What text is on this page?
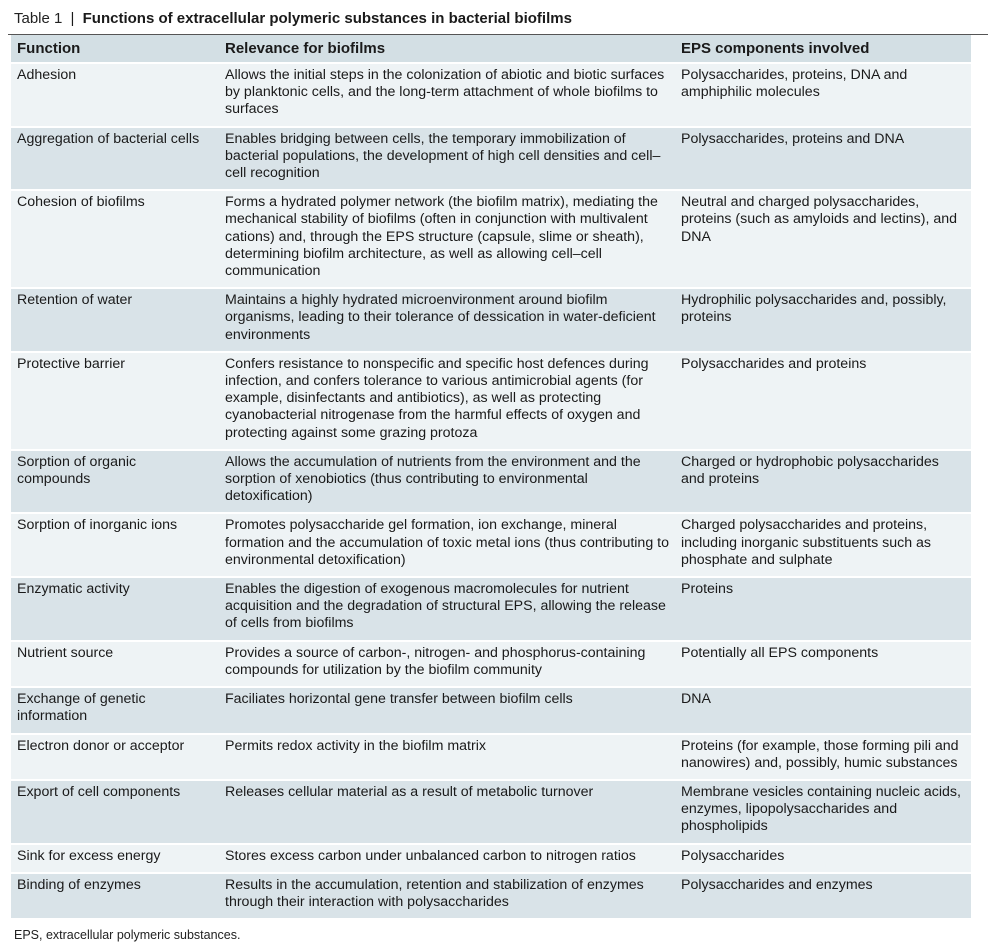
Table 1 | Functions of extracellular polymeric substances in bacterial biofilms
Function	Relevance for biofilms	EPS components involved
Adhesion	Allows the initial steps in the colonization of abiotic and biotic surfaces by planktonic cells, and the long-term attachment of whole biofilms to surfaces	Polysaccharides, proteins, DNA and amphiphilic molecules
Aggregation of bacterial cells	Enables bridging between cells, the temporary immobilization of bacterial populations, the development of high cell densities and cell–cell recognition	Polysaccharides, proteins and DNA
Cohesion of biofilms	Forms a hydrated polymer network (the biofilm matrix), mediating the mechanical stability of biofilms (often in conjunction with multivalent cations) and, through the EPS structure (capsule, slime or sheath), determining biofilm architecture, as well as allowing cell–cell communication	Neutral and charged polysaccharides, proteins (such as amyloids and lectins), and DNA
Retention of water	Maintains a highly hydrated microenvironment around biofilm organisms, leading to their tolerance of dessication in water-deficient environments	Hydrophilic polysaccharides and, possibly, proteins
Protective barrier	Confers resistance to nonspecific and specific host defences during infection, and confers tolerance to various antimicrobial agents (for example, disinfectants and antibiotics), as well as protecting cyanobacterial nitrogenase from the harmful effects of oxygen and protecting against some grazing protoza	Polysaccharides and proteins
Sorption of organic compounds	Allows the accumulation of nutrients from the environment and the sorption of xenobiotics (thus contributing to environmental detoxification)	Charged or hydrophobic polysaccharides and proteins
Sorption of inorganic ions	Promotes polysaccharide gel formation, ion exchange, mineral formation and the accumulation of toxic metal ions (thus contributing to environmental detoxification)	Charged polysaccharides and proteins, including inorganic substituents such as phosphate and sulphate
Enzymatic activity	Enables the digestion of exogenous macromolecules for nutrient acquisition and the degradation of structural EPS, allowing the release of cells from biofilms	Proteins
Nutrient source	Provides a source of carbon-, nitrogen- and phosphorus-containing compounds for utilization by the biofilm community	Potentially all EPS components
Exchange of genetic information	Faciliates horizontal gene transfer between biofilm cells	DNA
Electron donor or acceptor	Permits redox activity in the biofilm matrix	Proteins (for example, those forming pili and nanowires) and, possibly, humic substances
Export of cell components	Releases cellular material as a result of metabolic turnover	Membrane vesicles containing nucleic acids, enzymes, lipopolysaccharides and phospholipids
Sink for excess energy	Stores excess carbon under unbalanced carbon to nitrogen ratios	Polysaccharides
Binding of enzymes	Results in the accumulation, retention and stabilization of enzymes through their interaction with polysaccharides	Polysaccharides and enzymes
EPS, extracellular polymeric substances.
